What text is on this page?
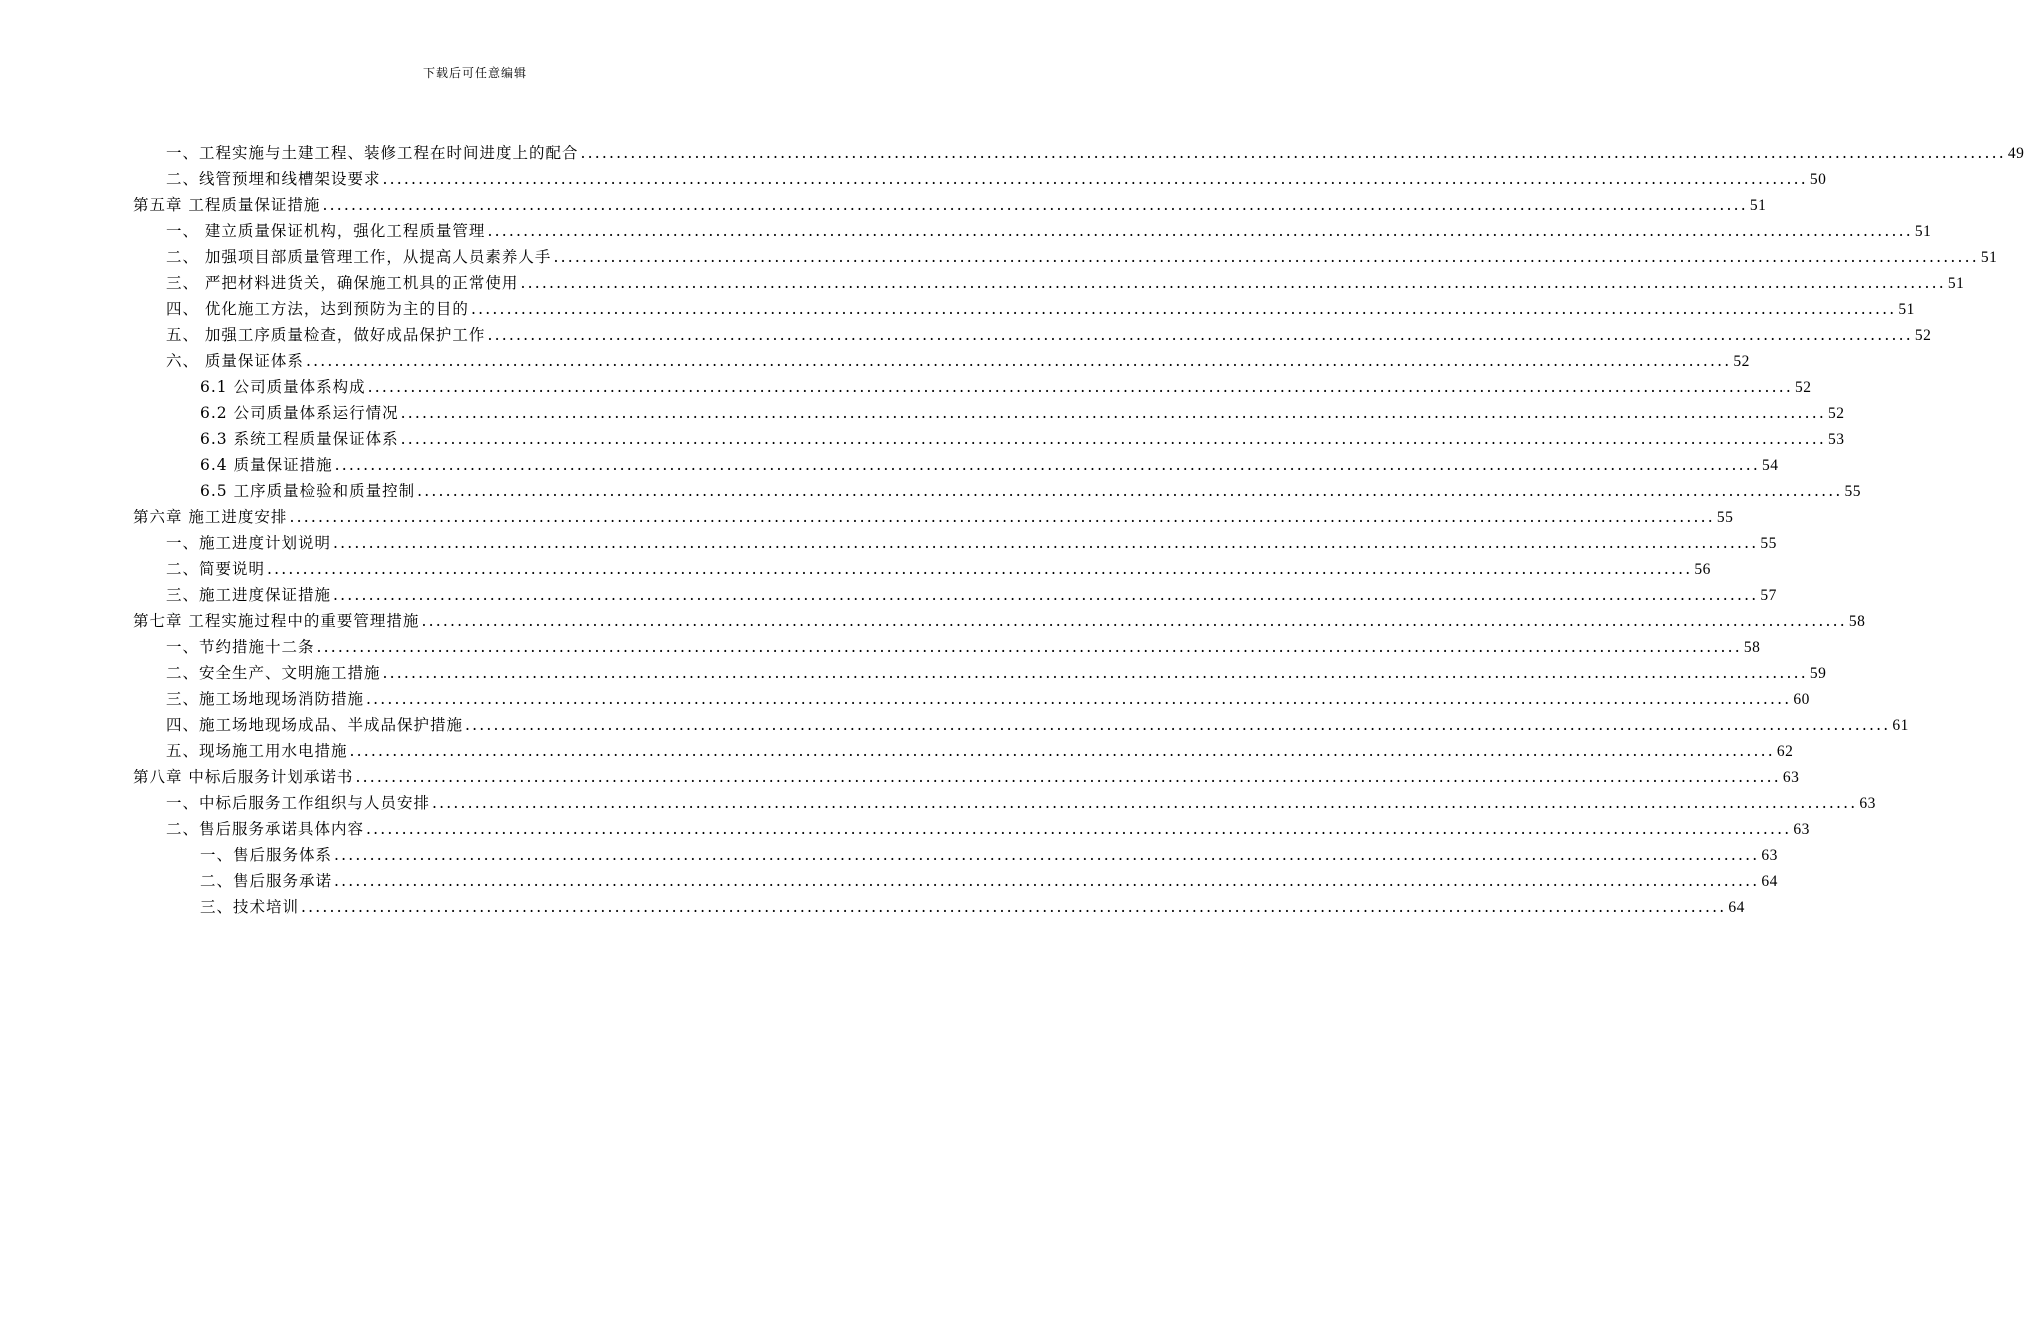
下载后可任意编辑
一、工程实施与土建工程、装修工程在时间进度上的配合 ........................................................................................................................................................................................................ 49
二、线管预埋和线槽架设要求 ........................................................................................................................................................................................................ 50
第五章 工程质量保证措施 ........................................................................................................................................................................................................ 51
一、 建立质量保证机构，强化工程质量管理 ........................................................................................................................................................................................................ 51
二、 加强项目部质量管理工作，从提高人员素养人手 ........................................................................................................................................................................................................ 51
三、 严把材料进货关，确保施工机具的正常使用 ........................................................................................................................................................................................................ 51
四、 优化施工方法，达到预防为主的目的 ........................................................................................................................................................................................................ 51
五、 加强工序质量检查，做好成品保护工作 ........................................................................................................................................................................................................ 52
六、 质量保证体系 ........................................................................................................................................................................................................ 52
6.1 公司质量体系构成 ........................................................................................................................................................................................................ 52
6.2 公司质量体系运行情况 ........................................................................................................................................................................................................ 52
6.3 系统工程质量保证体系 ........................................................................................................................................................................................................ 53
6.4 质量保证措施 ........................................................................................................................................................................................................ 54
6.5 工序质量检验和质量控制 ........................................................................................................................................................................................................ 55
第六章 施工进度安排 ........................................................................................................................................................................................................ 55
一、施工进度计划说明 ........................................................................................................................................................................................................ 55
二、简要说明 ........................................................................................................................................................................................................ 56
三、施工进度保证措施 ........................................................................................................................................................................................................ 57
第七章 工程实施过程中的重要管理措施 ........................................................................................................................................................................................................ 58
一、节约措施十二条 ........................................................................................................................................................................................................ 58
二、安全生产、文明施工措施 ........................................................................................................................................................................................................ 59
三、施工场地现场消防措施 ........................................................................................................................................................................................................ 60
四、施工场地现场成品、半成品保护措施 ........................................................................................................................................................................................................ 61
五、现场施工用水电措施 ........................................................................................................................................................................................................ 62
第八章 中标后服务计划承诺书 ........................................................................................................................................................................................................ 63
一、中标后服务工作组织与人员安排 ........................................................................................................................................................................................................ 63
二、售后服务承诺具体内容 ........................................................................................................................................................................................................ 63
一、售后服务体系 ........................................................................................................................................................................................................ 63
二、售后服务承诺 ........................................................................................................................................................................................................ 64
三、技术培训 ........................................................................................................................................................................................................ 64
